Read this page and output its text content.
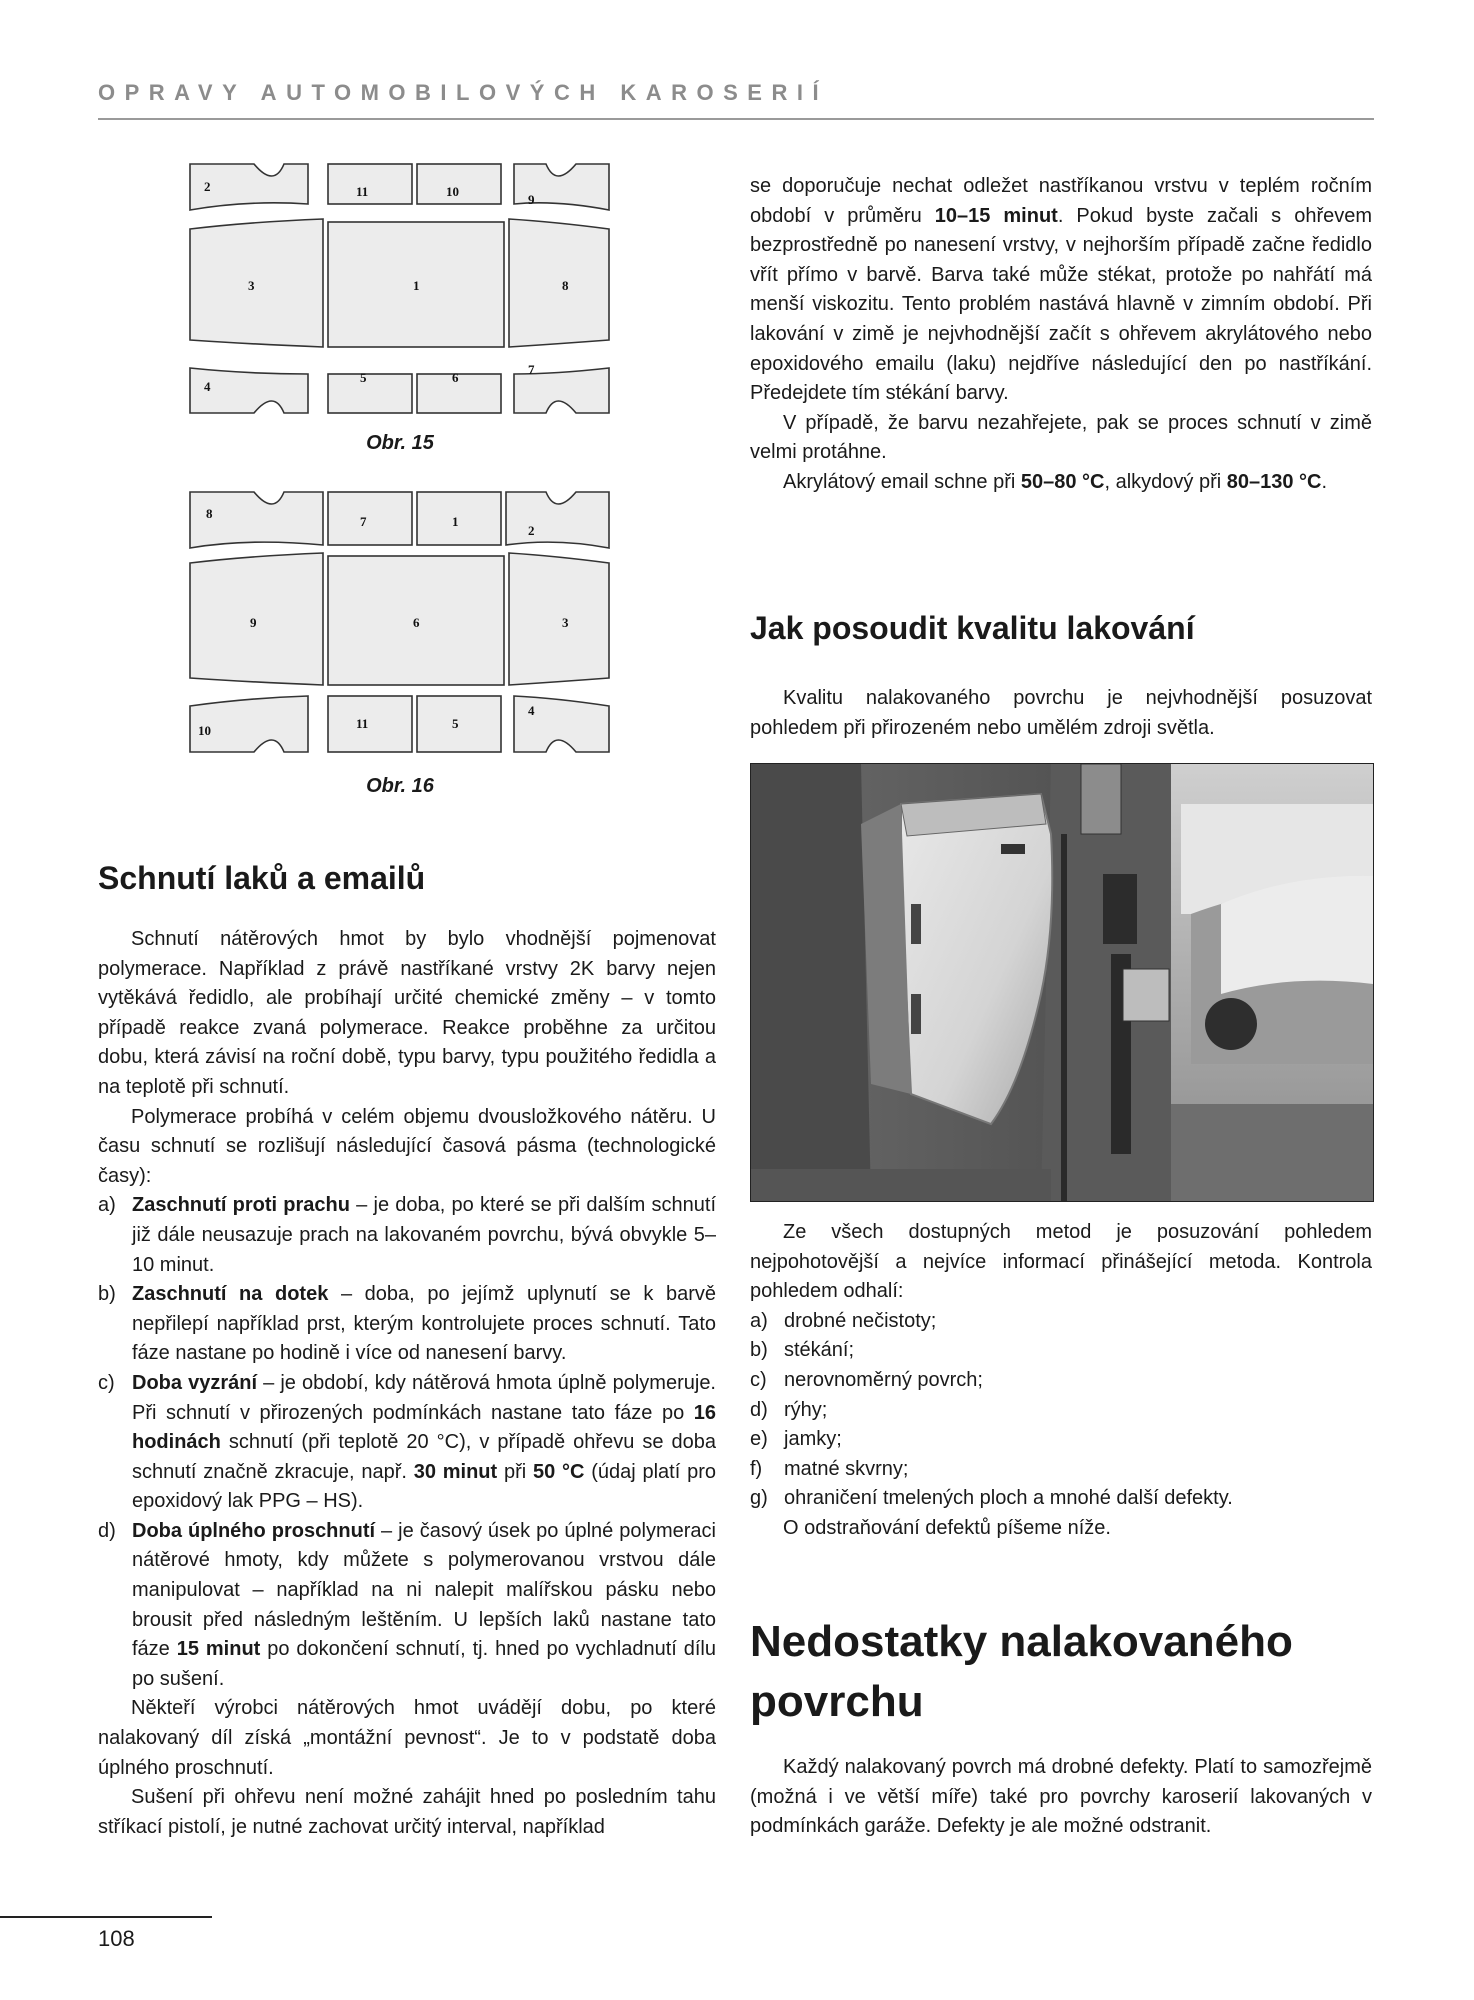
OPRAVY AUTOMOBILOVÝCH KAROSERIÍ
2	11	10
9
3	1	8
4
5	6
7
Obr. 15
8
7	1
2
9	6	3
10	11	5
4
Obr. 16
Schnutí laků a emailů

Schnutí nátěrových hmot by bylo vhodnější pojmenovat polymerace. Například z právě nastříkané vrstvy 2K barvy nejen vytěkává ředidlo, ale probíhají určité chemické změny – v tomto případě reakce zvaná polymerace. Reakce proběhne za určitou dobu, která závisí na roční době, typu barvy, typu použitého ředidla a na teplotě při schnutí.

Polymerace probíhá v celém objemu dvousložkového nátěru. U času schnutí se rozlišují následující časová pásma (technologické časy):

a) Zaschnutí proti prachu – je doba, po které se při dalším schnutí již dále neusazuje prach na lakovaném povrchu, bývá obvykle 5–10 minut.
b) Zaschnutí na dotek – doba, po jejímž uplynutí se k barvě nepřilepí například prst, kterým kontrolujete proces schnutí. Tato fáze nastane po hodině i více od nanesení barvy.
c) Doba vyzrání – je období, kdy nátěrová hmota úplně polymeruje. Při schnutí v přirozených podmínkách nastane tato fáze po 16 hodinách schnutí (při teplotě 20 °C), v případě ohřevu se doba schnutí značně zkracuje, např. 30 minut při 50 °C (údaj platí pro epoxidový lak PPG – HS).
d) Doba úplného proschnutí – je časový úsek po úplné polymeraci nátěrové hmoty, kdy můžete s polymerovanou vrstvou dále manipulovat – například na ni nalepit malířskou pásku nebo brousit před následným leštěním. U lepších laků nastane tato fáze 15 minut po dokončení schnutí, tj. hned po vychladnutí dílu po sušení.

Někteří výrobci nátěrových hmot uvádějí dobu, po které nalakovaný díl získá „montážní pevnost“. Je to v podstatě doba úplného proschnutí.

Sušení při ohřevu není možné zahájit hned po posledním tahu stříkací pistolí, je nutné zachovat určitý interval, například

se doporučuje nechat odležet nastříkanou vrstvu v teplém ročním období v průměru 10–15 minut. Pokud byste začali s ohřevem bezprostředně po nanesení vrstvy, v nejhorším případě začne ředidlo vřít přímo v barvě. Barva také může stékat, protože po nahřátí má menší viskozitu. Tento problém nastává hlavně v zimním období. Při lakování v zimě je nejvhodnější začít s ohřevem akrylátového nebo epoxidového emailu (laku) nejdříve následující den po nastříkání. Předejdete tím stékání barvy.

V případě, že barvu nezahřejete, pak se proces schnutí v zimě velmi protáhne.

Akrylátový email schne při 50–80 °C, alkydový při 80–130 °C.

Jak posoudit kvalitu lakování

Kvalitu nalakovaného povrchu je nejvhodnější posuzovat pohledem při přirozeném nebo umělém zdroji světla.

Ze všech dostupných metod je posuzování pohledem nejpohotovější a nejvíce informací přinášející metoda. Kontrola pohledem odhalí:

a) drobné nečistoty;
b) stékání;
c) nerovnoměrný povrch;
d) rýhy;
e) jamky;
f)	matné skvrny;
g) ohraničení tmelených ploch a mnohé další defekty.

O odstraňování defektů píšeme níže.

Nedostatky nalakovaného
povrchu

Každý nalakovaný povrch má drobné defekty. Platí to samozřejmě (možná i ve větší míře) také pro povrchy karoserií lakovaných v podmínkách garáže. Defekty je ale možné odstranit.

108
